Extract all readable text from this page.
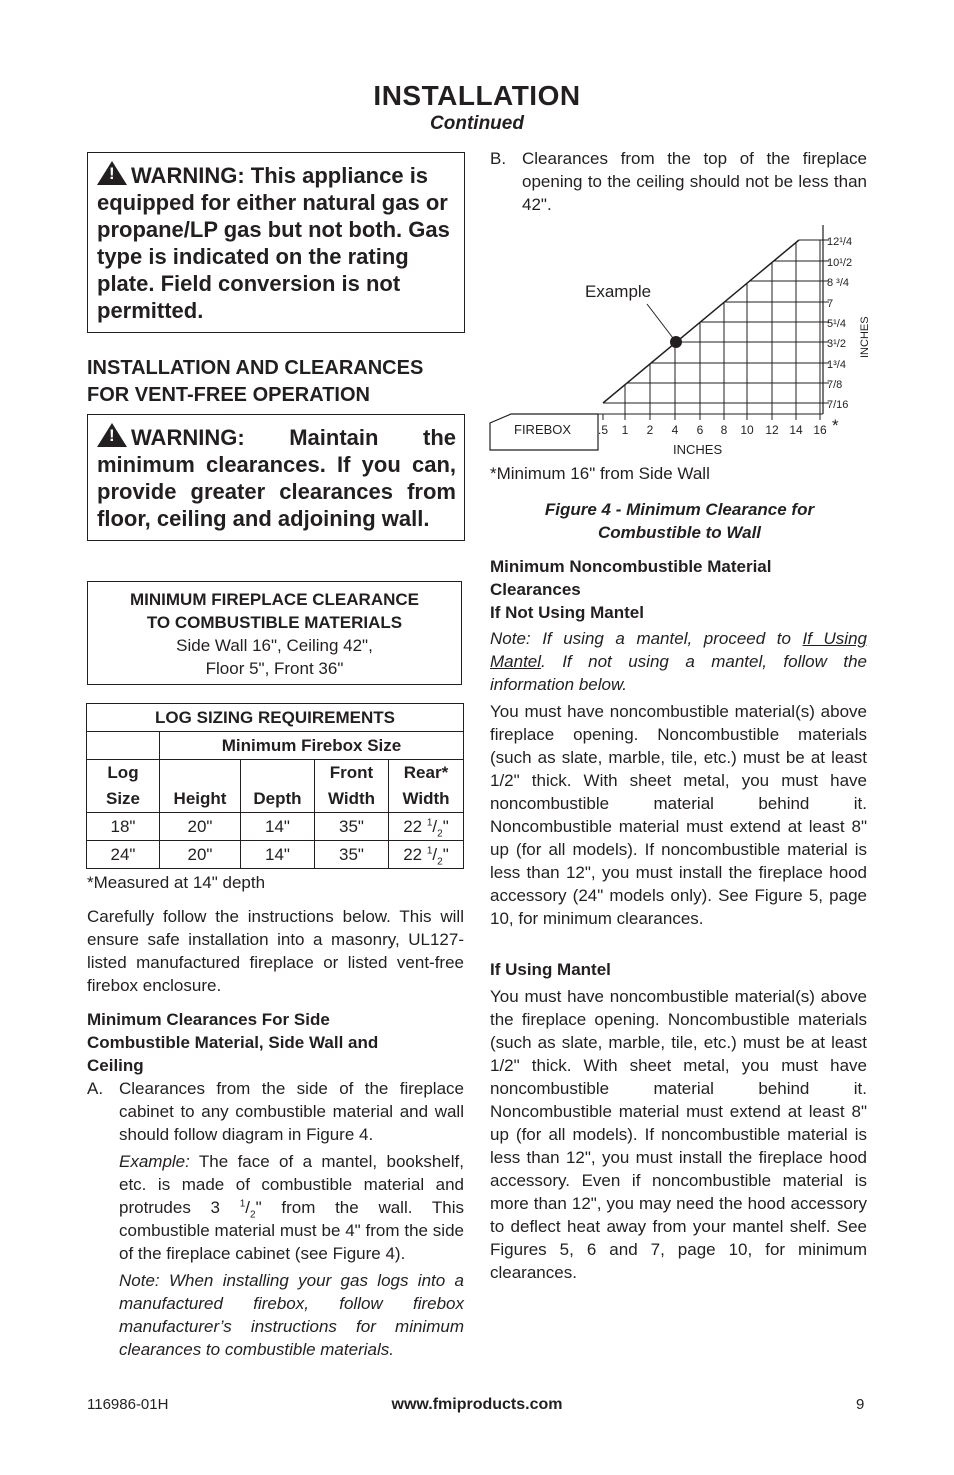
INSTALLATION
Continued
!WARNING: This appliance is equipped for either natural gas or propane/LP gas but not both. Gas type is indicated on the rating plate. Field conversion is not permitted.
INSTALLATION AND CLEARANCES FOR VENT-FREE OPERATION
!WARNING: Maintain the minimum clearances. If you can, provide greater clearances from floor, ceiling and adjoining wall.
MINIMUM FIREPLACE CLEARANCE
TO COMBUSTIBLE MATERIALS
Side Wall 16", Ceiling 42",
Floor 5", Front 36"
LOG SIZING REQUIREMENTS				
	Minimum Firebox Size			
Log			Front	Rear*
Size	Height	Depth	Width	Width
18"	20"	14"	35"	22 $^1/_2$"
24"	20"	14"	35"	22 $^1/_2$"
*Measured at 14" depth
Carefully follow the instructions below. This will ensure safe installation into a masonry, UL127-listed manufactured fireplace or listed vent-free firebox enclosure.
Minimum Clearances For Side Combustible Material, Side Wall and Ceiling
A. Clearances from the side of the fireplace cabinet to any combustible material and wall should follow diagram in Figure 4.
Example: The face of a mantel, bookshelf, etc. is made of combustible material and protrudes 3 $^1/_2$" from the wall. This combustible material must be 4" from the side of the fireplace cabinet (see Figure 4).
Note: When installing your gas logs into a manufactured firebox, follow firebox manufacturer’s instructions for minimum clearances to combustible materials.
B. Clearances from the top of the fireplace opening to the ceiling should not be less than 42".
Example
FIREBOX .5 1 2 4 6 8 10 12 14 16
7/16
7/8
1³/4
3¹/2
5¹/4
7
8 ³/4
10¹/2
12¹/4
INCHES
INCHES
*
*Minimum 16" from Side Wall
Figure 4 - Minimum Clearance for
Combustible to Wall
Minimum Noncombustible Material Clearances
If Not Using Mantel
Note: If using a mantel, proceed to If Using Mantel. If not using a mantel, follow the information below.
You must have noncombustible material(s) above fireplace opening. Noncombustible materials (such as slate, marble, tile, etc.) must be at least 1/2" thick. With sheet metal, you must have noncombustible material behind it. Noncombustible material must extend at least 8" up (for all models). If noncombustible material is less than 12", you must install the fireplace hood accessory (24" models only). See Figure 5, page 10, for minimum clearances.
If Using Mantel
You must have noncombustible material(s) above the fireplace opening. Noncombustible materials (such as slate, marble, tile, etc.) must be at least 1/2" thick. With sheet metal, you must have noncombustible material behind it. Noncombustible material must extend at least 8" up (for all models). If noncombustible material is less than 12", you must install the fireplace hood accessory. Even if noncombustible material is more than 12", you may need the hood accessory to deflect heat away from your mantel shelf. See Figures 5, 6 and 7, page 10, for minimum clearances.
116986-01H	www.fmiproducts.com	9
